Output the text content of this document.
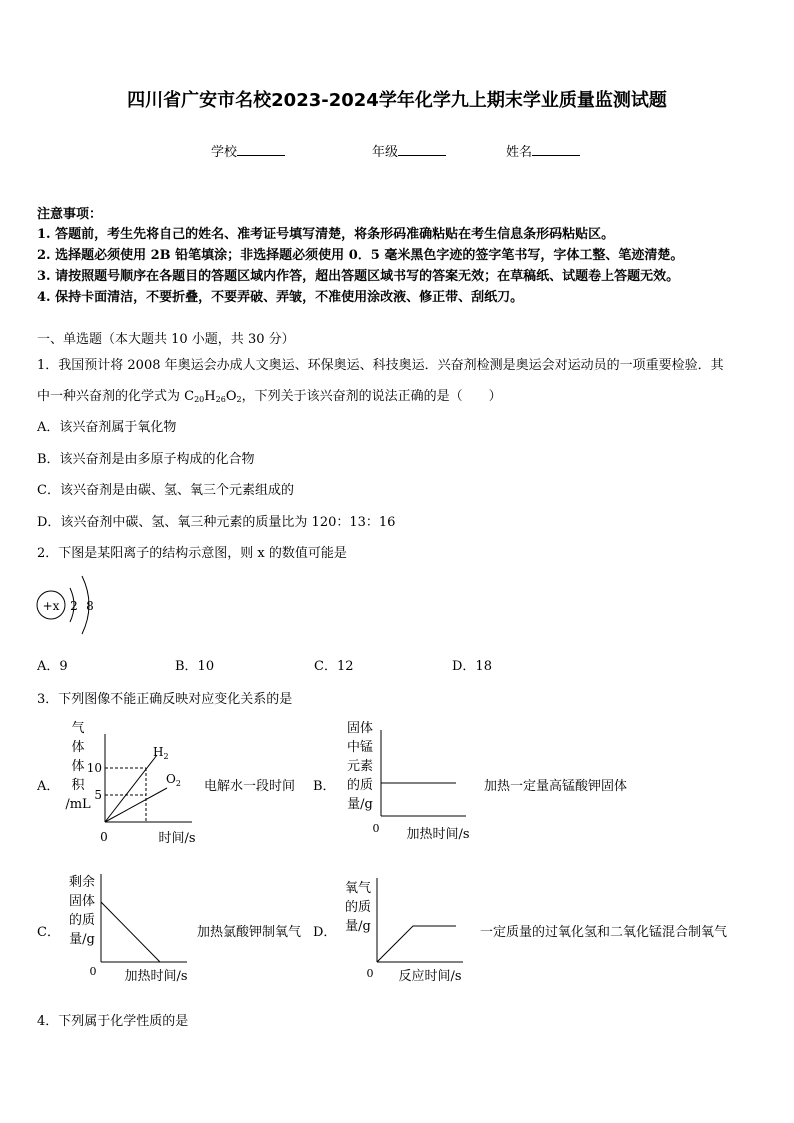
四川省广安市名校2023-2024学年化学九上期末学业质量监测试题
学校	年级	姓名
注意事项：
1. 答题前，考生先将自己的姓名、准考证号填写清楚，将条形码准确粘贴在考生信息条形码粘贴区。
2. 选择题必须使用 2B 铅笔填涂；非选择题必须使用 0．5 毫米黑色字迹的签字笔书写，字体工整、笔迹清楚。
3. 请按照题号顺序在各题目的答题区域内作答，超出答题区域书写的答案无效；在草稿纸、试题卷上答题无效。
4. 保持卡面清洁，不要折叠，不要弄破、弄皱，不准使用涂改液、修正带、刮纸刀。
一、单选题（本大题共 10 小题，共 30 分）
1．我国预计将 2008 年奥运会办成人文奥运、环保奥运、科技奥运．兴奋剂检测是奥运会对运动员的一项重要检验．其
中一种兴奋剂的化学式为 $C_{20}H_{26}O_2$，下列关于该兴奋剂的说法正确的是（　　）
A．该兴奋剂属于氧化物
B．该兴奋剂是由多原子构成的化合物
C．该兴奋剂是由碳、氢、氧三个元素组成的
D．该兴奋剂中碳、氢、氧三种元素的质量比为 120：13：16
2．下图是某阳离子的结构示意图，则 x 的数值可能是
+x 2 8
A．9	B．10	C．12	D．18
3．下列图像不能正确反映对应变化关系的是
A．
气
体
体
积
/mL
10
5
$H_2$
$O_2$
0	时间/s
电解水一段时间 B．
固体
中锰
元素
的质
量/g
0 加热时间/s
加热一定量高锰酸钾固体
C．
剩余
固体
的质
量/g
0 加热时间/s
加热氯酸钾制氧气 D．
氧气
的质
量/g
0 反应时间/s
一定质量的过氧化氢和二氧化锰混合制氧气
4．下列属于化学性质的是
